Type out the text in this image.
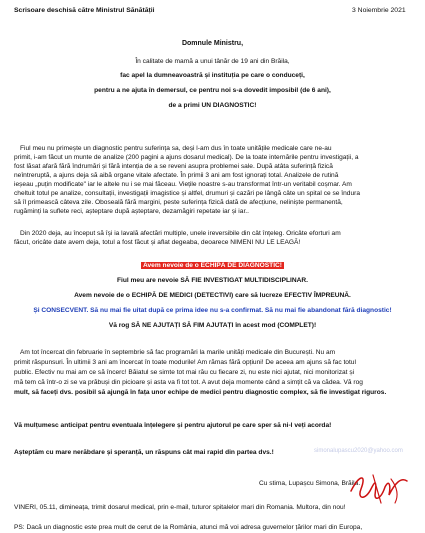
Scrisoare deschisă către Ministrul Sănătății	3 Noiembrie 2021
Domnule Ministru,
În calitate de mamă a unui tânăr de 19 ani din Brăila,
fac apel la dumneavoastră și instituția pe care o conduceți,
pentru a ne ajuta în demersul, ce pentru noi s-a dovedit imposibil (de 6 ani),
de a primi UN DIAGNOSTIC!
Fiul meu nu primește un diagnostic pentru suferința sa, deși l-am dus în toate unitățile medicale care ne-au
primit, i-am făcut un munte de analize (200 pagini a ajuns dosarul medical). De la toate internările pentru investigații, a
fost lăsat afară fără îndrumări și fără intenția de a se reveni asupra problemei sale. După atâta suferință fizică
neîntreruptă, a ajuns deja să aibă organe vitale afectate. În primii 3 ani am fost ignorați total. Analizele de rutină
ieșeau „puțin modificate" iar le altele nu i se mai făceau. Viețile noastre s-au transformat într-un veritabil coșmar. Am
cheltuit totul pe analize, consultații, investigații imagistice și altfel, drumuri și cazări pe lângă câte un spital ce se îndura
să îl primească câteva zile. Oboseală fără margini, peste suferința fizică dată de afecțiune, neliniște permanentă,
rugăminți la suflete reci, așteptare după așteptare, dezamăgiri repetate iar și iar..
Din 2020 deja, au început să își ia lavală afectări multiple, unele ireversibile din cât înțeleg. Oricâte eforturi am
făcut, oricâte date avem deja, totul a fost făcut și aflat degeaba, deoarece NIMENI NU LE LEAGĂ!
Avem nevoie de o ECHIPĂ DE DIAGNOSTIC!
Fiul meu are nevoie SĂ FIE INVESTIGAT MULTIDISCIPLINAR.
Avem nevoie de o ECHIPĂ DE MEDICI (DETECTIVI) care să lucreze EFECTIV ÎMPREUNĂ.
Și CONSECVENT. Să nu mai fie uitat după ce prima idee nu s-a confirmat. Să nu mai fie abandonat fără diagnostic!
Vă rog SĂ NE AJUTAȚI SĂ FIM AJUTAȚI în acest mod (COMPLET)!
Am tot încercat din februarie în septembrie să fac programări la marile unități medicale din București. Nu am
primit răspunsuri. În ultimii 3 ani am încercat în toate modurile! Am rămas fără opțiuni! De aceea am ajuns să fac totul
public. Efectiv nu mai am ce să încerc! Băiatul se simte tot mai rău cu fiecare zi, nu este nici ajutat, nici monitorizat și
mă tem că într-o zi se va prăbuși din picioare și asta va fi tot tot. A avut deja momente când a simțit că va cădea. Vă rog
mult, să faceți dvs. posibil să ajungă în fața unor echipe de medici pentru diagnostic complex, să fie investigat riguros.
Vă mulțumesc anticipat pentru eventuala înțelegere și pentru ajutorul pe care sper să ni-l veți acorda!
Așteptăm cu mare nerăbdare și speranță, un răspuns cât mai rapid din partea dvs.!	simonalupascu2020@yahoo.com
Cu stima, Lupașcu Simona, Brăila.
VINERI, 05.11, dimineața, trimit dosarul medical, prin e-mail, tuturor spitalelor mari din Romania. Multora, din nou!
PS: Dacă un diagnostic este prea mult de cerut de la România, atunci mă voi adresa guvernelor țărilor mari din Europa,
